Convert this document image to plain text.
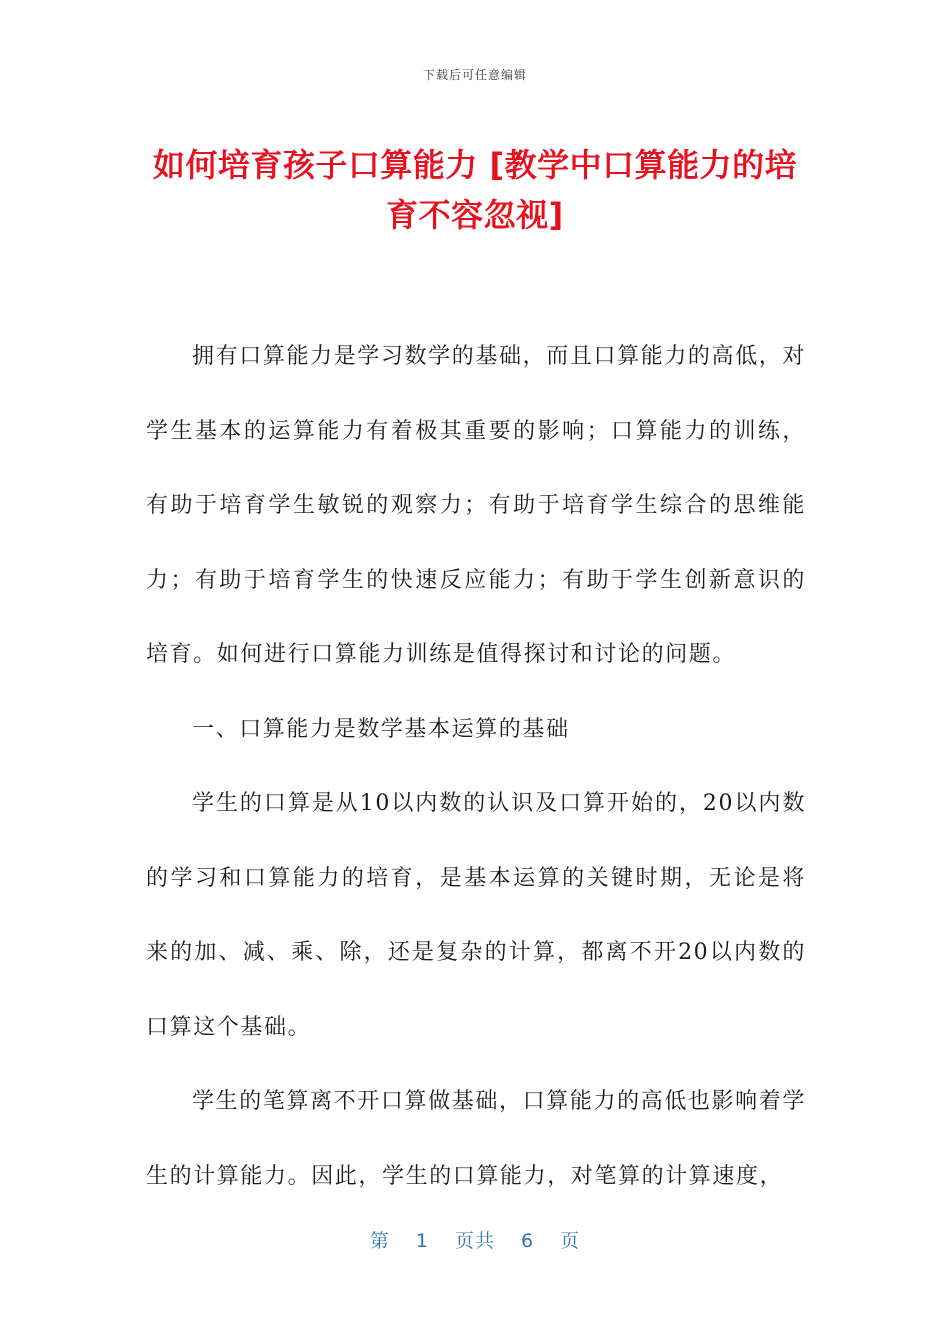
下载后可任意编辑
如何培育孩子口算能力 [教学中口算能力的培育不容忽视]

拥有口算能力是学习数学的基础，而且口算能力的高低，对学生基本的运算能力有着极其重要的影响；口算能力的训练，有助于培育学生敏锐的观察力；有助于培育学生综合的思维能力；有助于培育学生的快速反应能力；有助于学生创新意识的培育。如何进行口算能力训练是值得探讨和讨论的问题。

一、口算能力是数学基本运算的基础

学生的口算是从10以内数的认识及口算开始的，20以内数的学习和口算能力的培育，是基本运算的关键时期，无论是将来的加、减、乘、除，还是复杂的计算，都离不开20以内数的口算这个基础。

学生的笔算离不开口算做基础，口算能力的高低也影响着学生的计算能力。因此，学生的口算能力，对笔算的计算速度，

第 1 页共 6 页
